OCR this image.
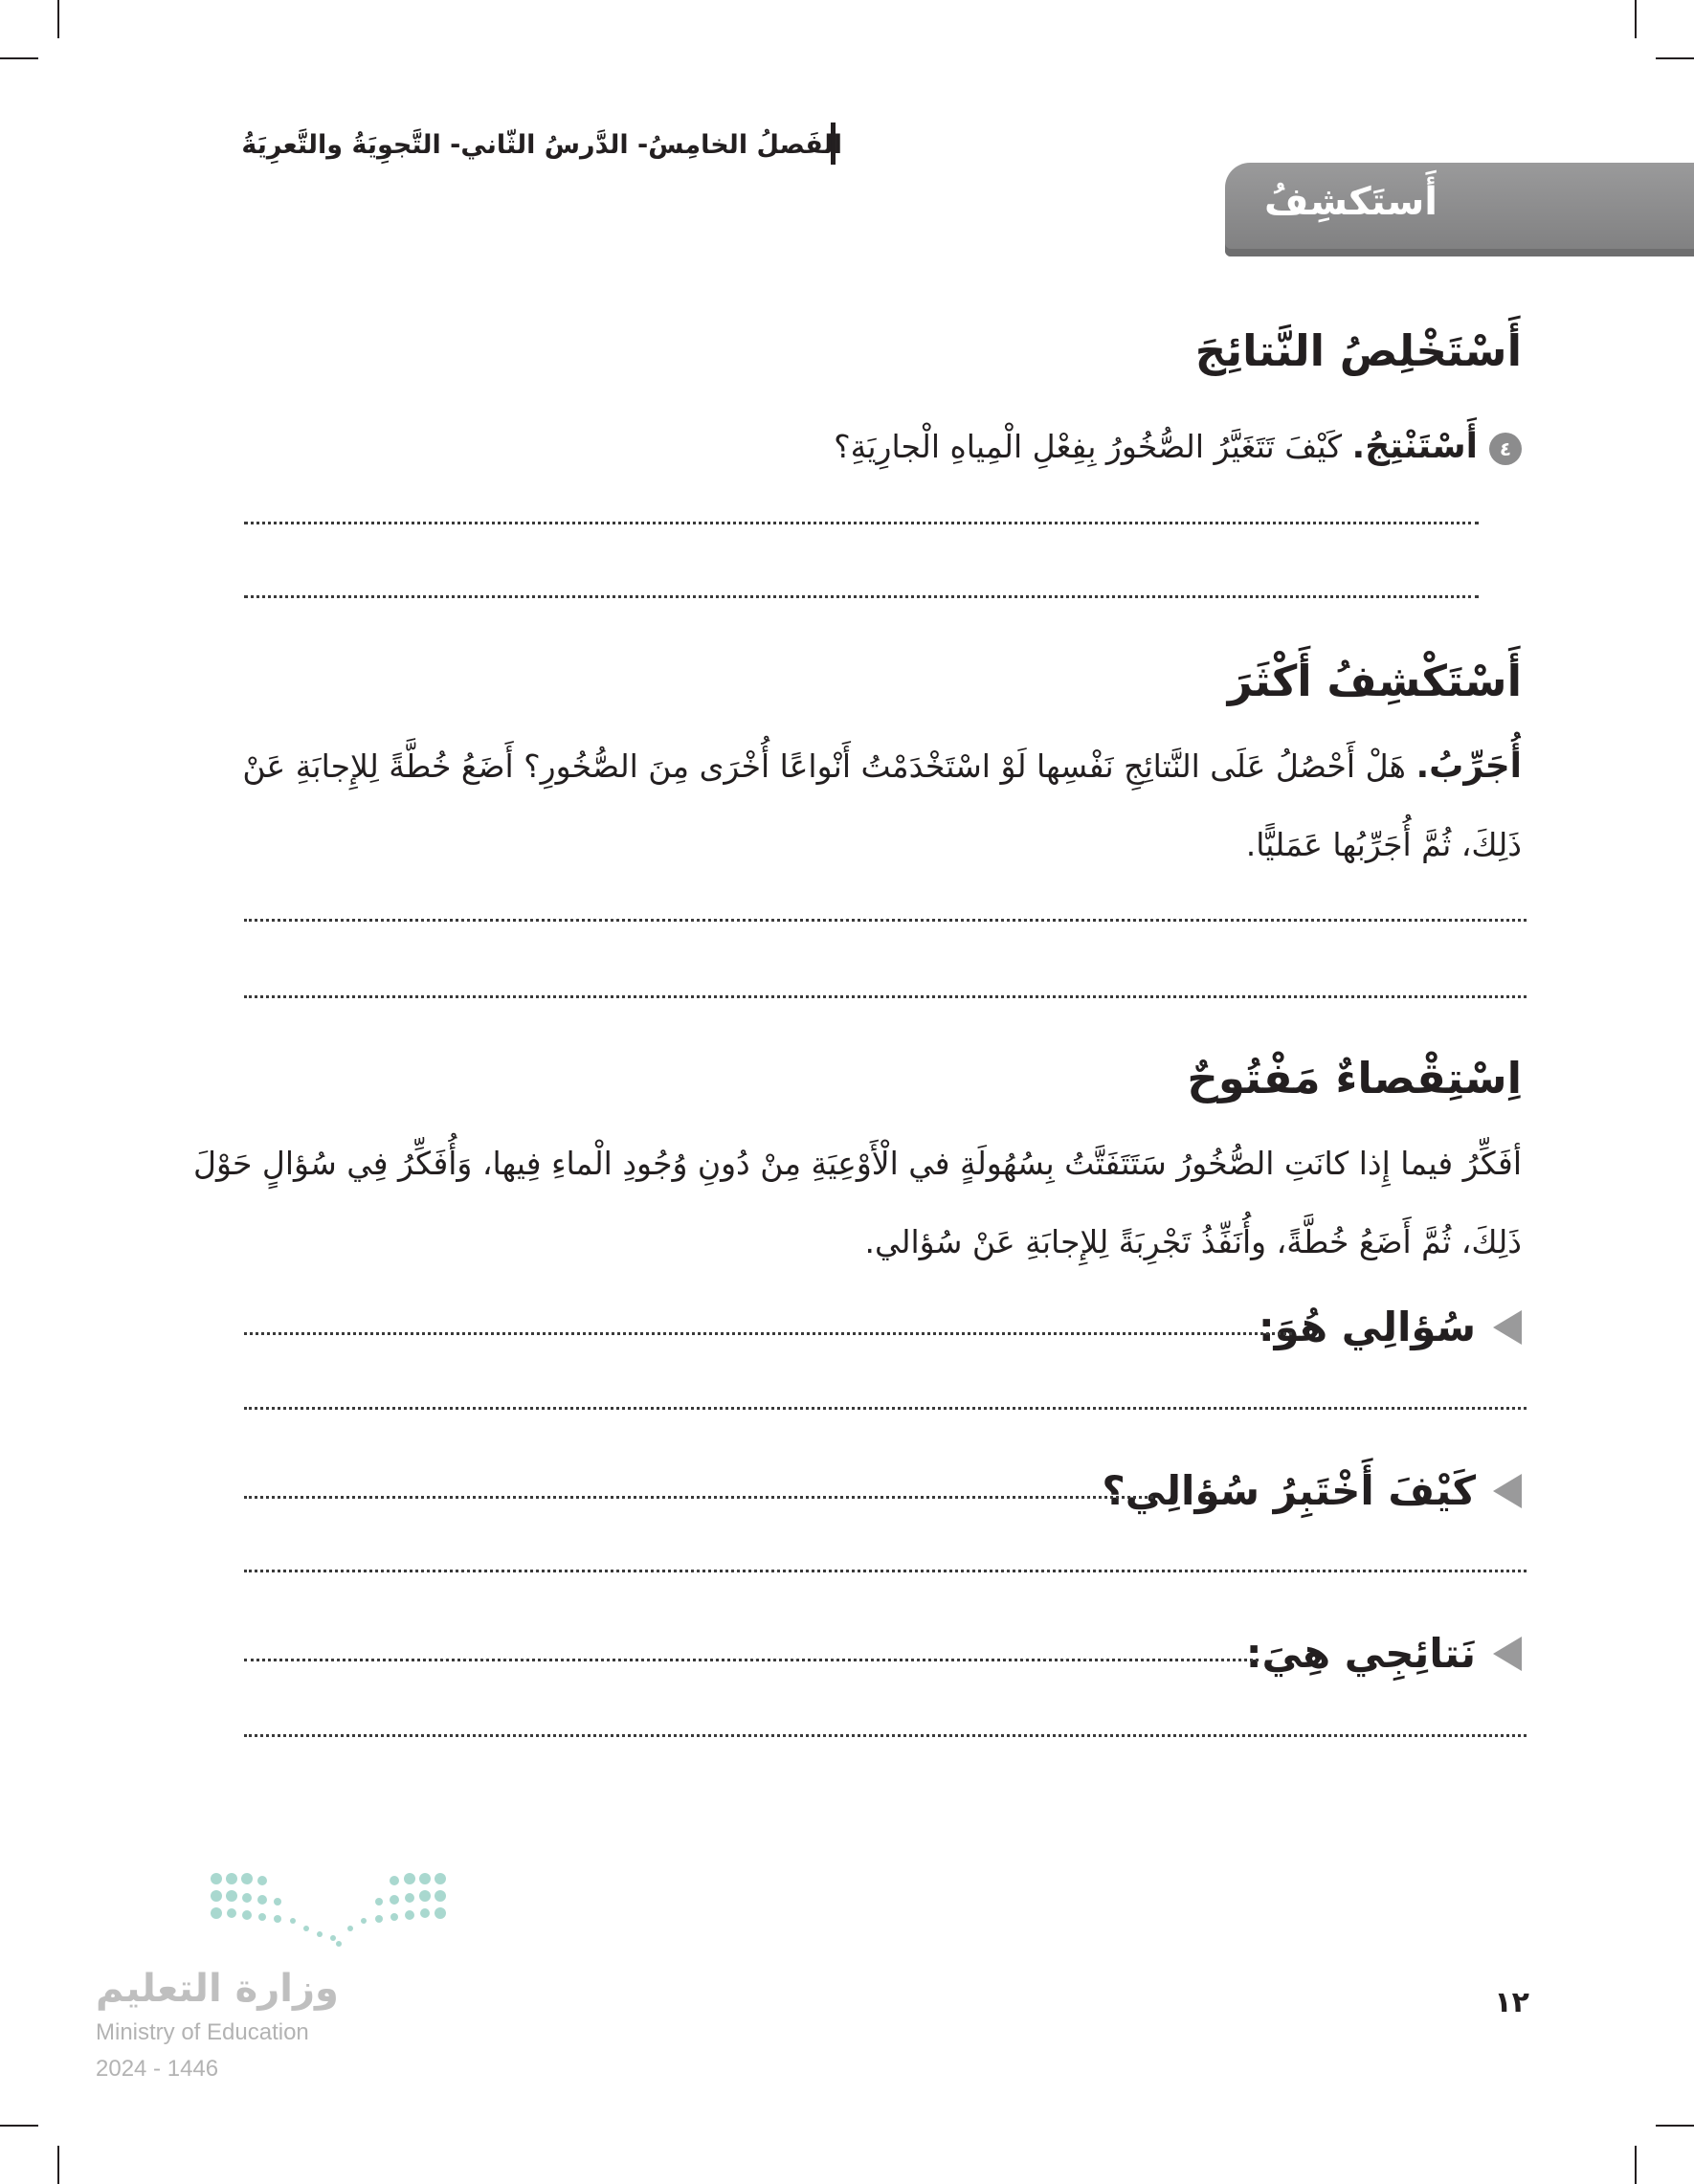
الفَصلُ الخامِسُ- الدَّرسُ الثّاني- التَّجوِيَةُ والتَّعرِيَةُ
أَستَكشِفُ
أَسْتَخْلِصُ النَّتائِجَ

٤أَسْتَنْتِجُ. كَيْفَ تَتَغَيَّرُ الصُّخُورُ بِفِعْلِ الْمِياهِ الْجارِيَةِ؟

أَسْتَكْشِفُ أَكْثَرَ

أُجَرِّبُ. هَلْ أَحْصُلُ عَلَى النَّتائِجِ نَفْسِها لَوْ اسْتَخْدَمْتُ أَنْواعًا أُخْرَى مِنَ الصُّخُورِ؟ أَضَعُ خُطَّةً لِلإِجابَةِ عَنْ ذَلِكَ، ثُمَّ أُجَرِّبُها عَمَليًّا.

اِسْتِقْصاءٌ مَفْتُوحٌ

أفَكِّرُ فيما إِذا كانَتِ الصُّخُورُ سَتَتَفَتَّتُ بِسُهُولَةٍ في الْأَوْعِيَةِ مِنْ دُونِ وُجُودِ الْماءِ فِيها، وَأُفَكِّرُ فِي سُؤالٍ حَوْلَ ذَلِكَ، ثُمَّ أَضَعُ خُطَّةً، وأُنَفِّذُ تَجْرِبَةً لِلإِجابَةِ عَنْ سُؤالي.

سُؤالِي هُوَ:
كَيْفَ أَخْتَبِرُ سُؤالِي؟
نَتائِجِي هِيَ:
وزارة التعليم
Ministry of Education
2024 - 1446
١٢
